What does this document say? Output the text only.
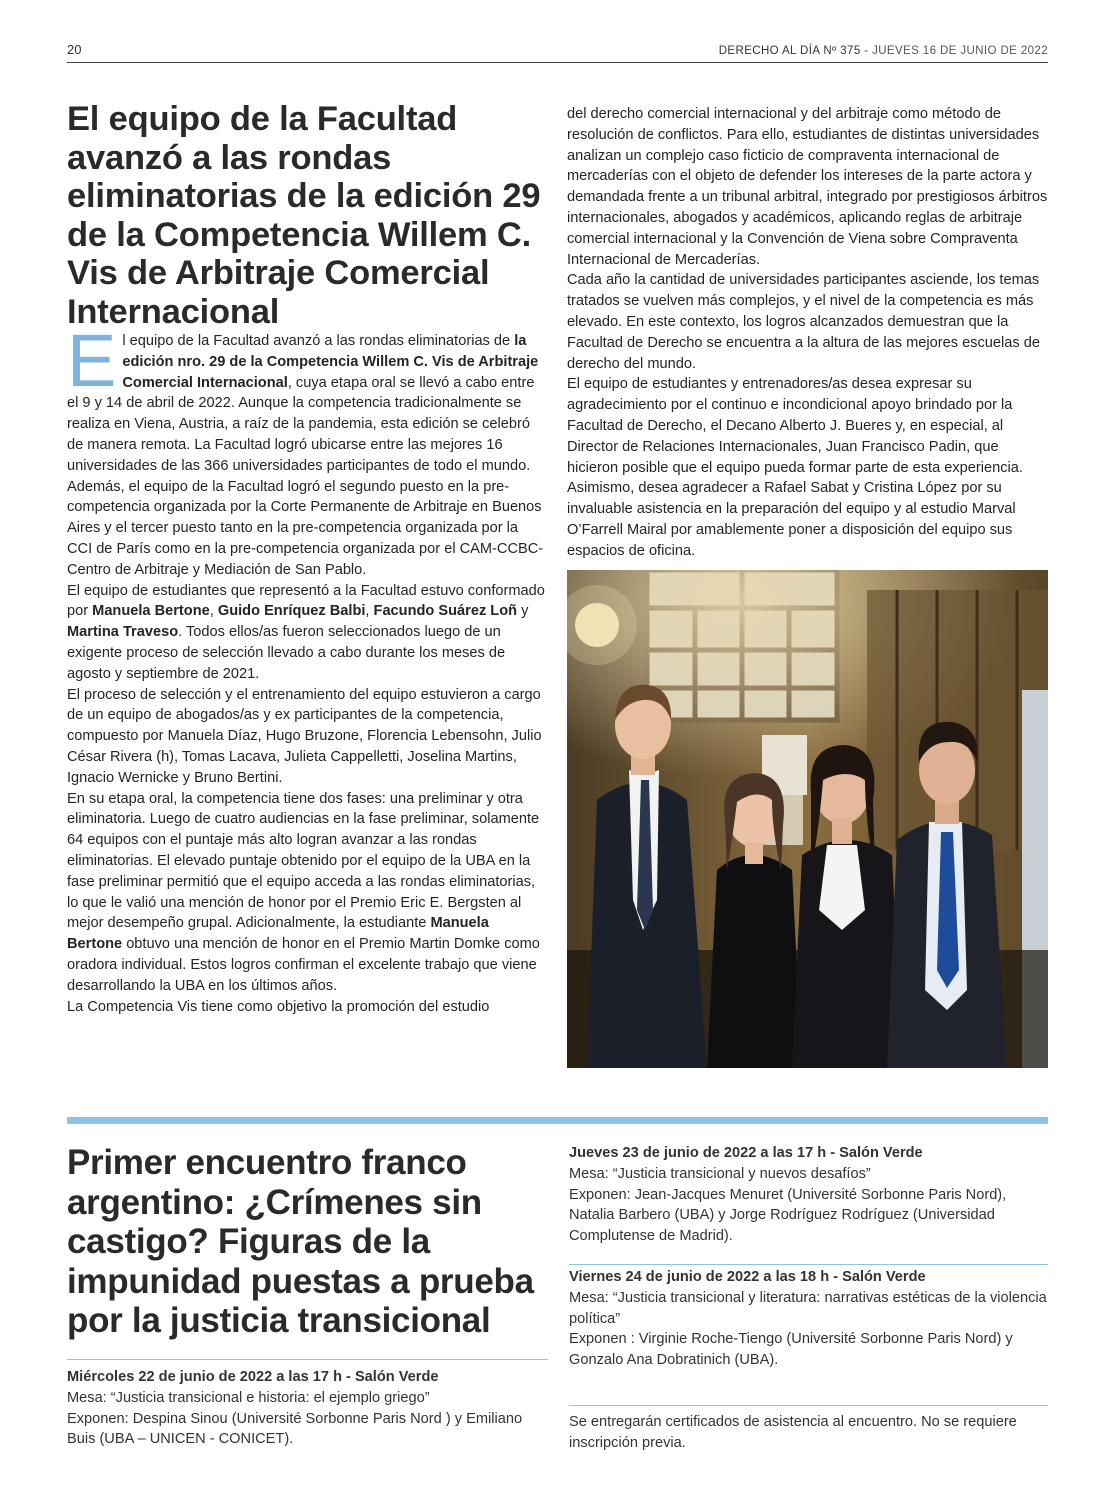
20	DERECHO AL DÍA Nº 375 - JUEVES 16 DE JUNIO DE 2022
El equipo de la Facultad avanzó a las rondas eliminatorias de la edición 29 de la Competencia Willem C. Vis de Arbitraje Comercial Internacional

El equipo de la Facultad avanzó a las rondas eliminatorias de la edición nro. 29 de la Competencia Willem C. Vis de Arbitraje Comercial Internacional, cuya etapa oral se llevó a cabo entre el 9 y 14 de abril de 2022. Aunque la competencia tradicionalmente se realiza en Viena, Austria, a raíz de la pandemia, esta edición se celebró de manera remota. La Facultad logró ubicarse entre las mejores 16 universidades de las 366 universidades participantes de todo el mundo. Además, el equipo de la Facultad logró el segundo puesto en la pre-competencia organizada por la Corte Permanente de Arbitraje en Buenos Aires y el tercer puesto tanto en la pre-competencia organizada por la CCI de París como en la pre-competencia organizada por el CAM-CCBC-Centro de Arbitraje y Mediación de San Pablo.

El equipo de estudiantes que representó a la Facultad estuvo conformado por Manuela Bertone, Guido Enríquez Balbi, Facundo Suárez Loñ y Martina Traveso. Todos ellos/as fueron seleccionados luego de un exigente proceso de selección llevado a cabo durante los meses de agosto y septiembre de 2021.

El proceso de selección y el entrenamiento del equipo estuvieron a cargo de un equipo de abogados/as y ex participantes de la competencia, compuesto por Manuela Díaz, Hugo Bruzone, Florencia Lebensohn, Julio César Rivera (h), Tomas Lacava, Julieta Cappelletti, Joselina Martins, Ignacio Wernicke y Bruno Bertini.

En su etapa oral, la competencia tiene dos fases: una preliminar y otra eliminatoria. Luego de cuatro audiencias en la fase preliminar, solamente 64 equipos con el puntaje más alto logran avanzar a las rondas eliminatorias. El elevado puntaje obtenido por el equipo de la UBA en la fase preliminar permitió que el equipo acceda a las rondas eliminatorias, lo que le valió una mención de honor por el Premio Eric E. Bergsten al mejor desempeño grupal. Adicionalmente, la estudiante Manuela Bertone obtuvo una mención de honor en el Premio Martin Domke como oradora individual. Estos logros confirman el excelente trabajo que viene desarrollando la UBA en los últimos años.

La Competencia Vis tiene como objetivo la promoción del estudio

del derecho comercial internacional y del arbitraje como método de resolución de conflictos. Para ello, estudiantes de distintas universidades analizan un complejo caso ficticio de compraventa internacional de mercaderías con el objeto de defender los intereses de la parte actora y demandada frente a un tribunal arbitral, integrado por prestigiosos árbitros internacionales, abogados y académicos, aplicando reglas de arbitraje comercial internacional y la Convención de Viena sobre Compraventa Internacional de Mercaderías.

Cada año la cantidad de universidades participantes asciende, los temas tratados se vuelven más complejos, y el nivel de la competencia es más elevado. En este contexto, los logros alcanzados demuestran que la Facultad de Derecho se encuentra a la altura de las mejores escuelas de derecho del mundo.

El equipo de estudiantes y entrenadores/as desea expresar su agradecimiento por el continuo e incondicional apoyo brindado por la Facultad de Derecho, el Decano Alberto J. Bueres y, en especial, al Director de Relaciones Internacionales, Juan Francisco Padin, que hicieron posible que el equipo pueda formar parte de esta experiencia. Asimismo, desea agradecer a Rafael Sabat y Cristina López por su invaluable asistencia en la preparación del equipo y al estudio Marval O’Farrell Mairal por amablemente poner a disposición del equipo sus espacios de oficina.

Primer encuentro franco argentino: ¿Crímenes sin castigo? Figuras de la impunidad puestas a prueba por la justicia transicional
Miércoles 22 de junio de 2022 a las 17 h - Salón Verde
Mesa: “Justicia transicional e historia: el ejemplo griego”
Exponen: Despina Sinou (Université Sorbonne Paris Nord ) y Emiliano Buis (UBA – UNICEN - CONICET).
Jueves 23 de junio de 2022 a las 17 h - Salón Verde
Mesa: “Justicia transicional y nuevos desafíos”
Exponen: Jean-Jacques Menuret (Université Sorbonne Paris Nord), Natalia Barbero (UBA) y Jorge Rodríguez Rodríguez (Universidad Complutense de Madrid).
Viernes 24 de junio de 2022 a las 18 h - Salón Verde
Mesa: “Justicia transicional y literatura: narrativas estéticas de la violencia política”
Exponen : Virginie Roche-Tiengo (Université Sorbonne Paris Nord) y Gonzalo Ana Dobratinich (UBA).
Se entregarán certificados de asistencia al encuentro. No se requiere inscripción previa.
